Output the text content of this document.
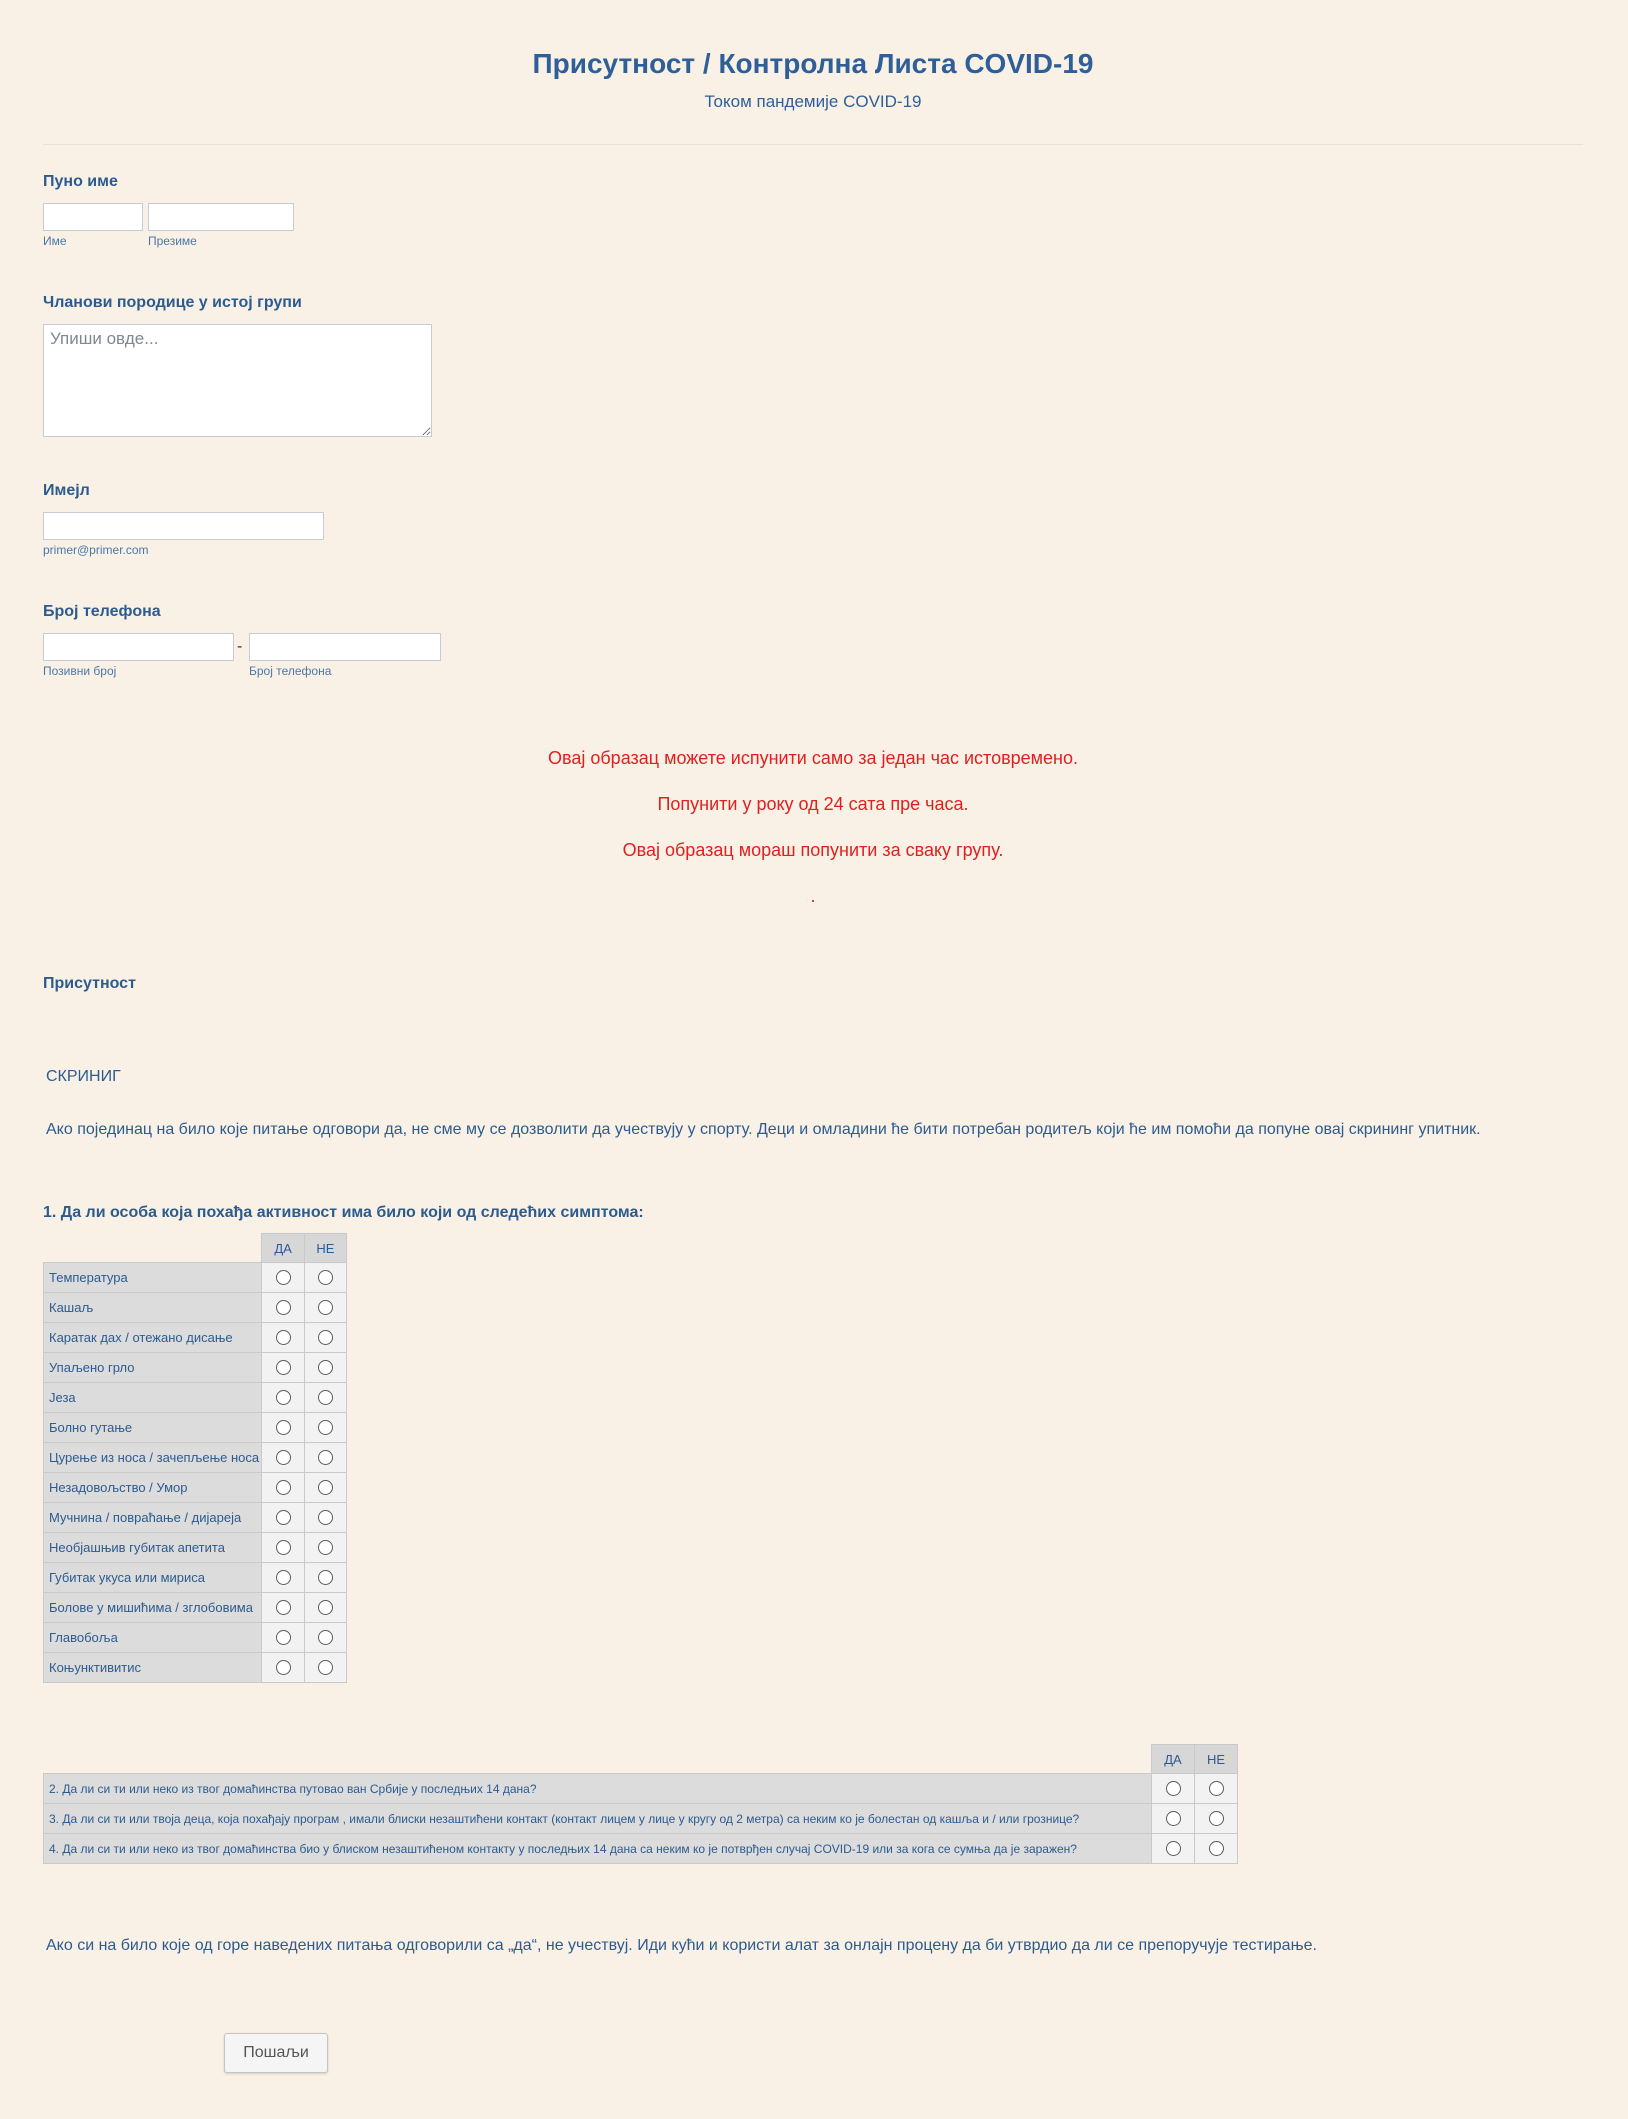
Присутност / Контролна Листа COVID-19
Током пандемије COVID-19
Пуно име
Име	Презиме
Чланови породице у истој групи
Упиши овде...
Имејл
primer@primer.com
Број телефона
-
Позивни број	Број телефона
Овај образац можете испунити само за један час истовремено.
Попунити у року од 24 сата пре часа.
Овај образац мораш попунити за сваку групу.
.
Присутност
СКРИНИГ
Ако појединац на било које питање одговори да, не сме му се дозволити да учествују у спорту. Деци и омладини ће бити потребан родитељ који ће им помоћи да попуне овај скрининг упитник.
1. Да ли особа која похађа активност има било који од следећих симптома:
	ДА	НЕ
Температура		
Кашаљ		
Каратак дах / отежано дисање		
Упаљено грло		
Језа		
Болно гутање		
Цурење из носа / зачепљење носа		
Незадовољство / Умор		
Мучнина / повраћање / дијареја		
Необјашњив губитак апетита		
Губитак укуса или мириса		
Болове у мишићима / зглобовима		
Главобоља		
Коњунктивитис		
	ДА	НЕ
2. Да ли си ти или неко из твог домаћинства путовао ван Србије у последњих 14 дана?		
3. Да ли си ти или твоја деца, која похађају програм , имали блиски незаштићени контакт (контакт лицем у лице у кругу од 2 метра) са неким ко је болестан од кашља и / или грознице?		
4. Да ли си ти или неко из твог домаћинства био у блиском незаштићеном контакту у последњих 14 дана са неким ко је потврђен случај COVID-19 или за кога се сумња да је заражен?		
Ако си на било које од горе наведених питања одговорили са „да“, не учествуј. Иди кући и користи алат за онлајн процену да би утврдио да ли се препоручује тестирање.
Пошаљи
